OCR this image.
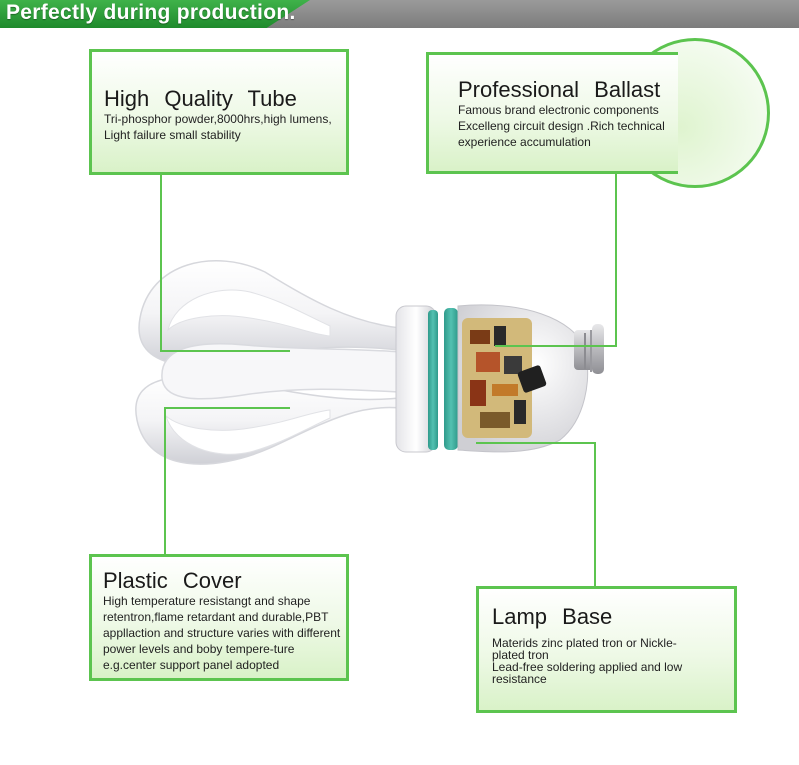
Perfectly during production.
High Quality Tube
Tri-phosphor powder,8000hrs,high lumens,
Light failure small stability
Professional Ballast
Famous brand electronic components
Excelleng circuit design .Rich technical
experience accumulation
Plastic Cover
High temperature resistangt and shape
retentron,flame retardant and durable,PBT
appllaction and structure varies with different
power levels and boby tempere-ture
e.g.center support panel adopted
Lamp Base
Materids zinc plated tron or Nickle-
plated tron
Lead-free soldering applied and low
resistance
